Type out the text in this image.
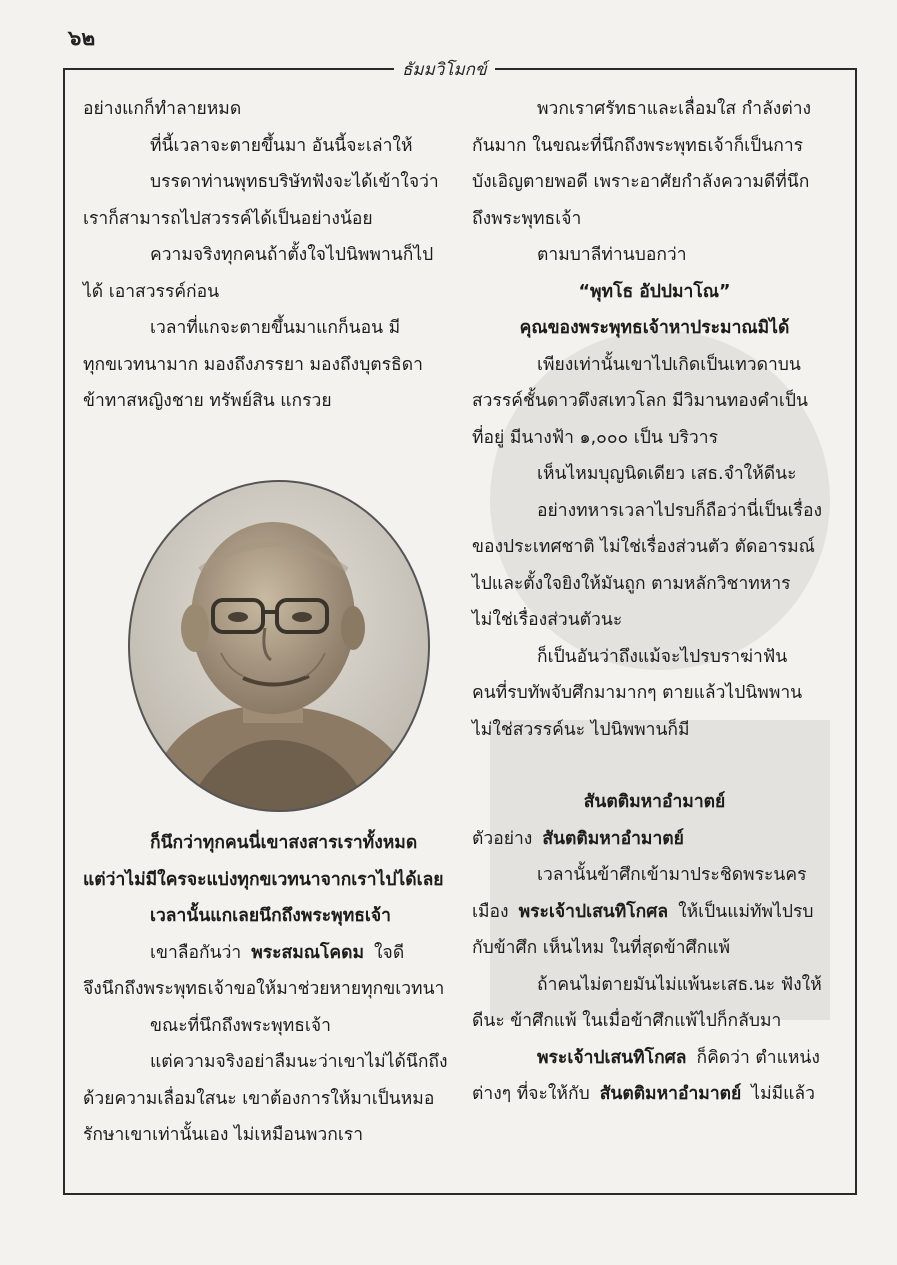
๖๒
ธัมมวิโมกข์

อย่างแกก็ทำลายหมด

ที่นี้เวลาจะตายขึ้นมา อันนี้จะเล่าให้

บรรดาท่านพุทธบริษัทฟังจะได้เข้าใจว่า

เราก็สามารถไปสวรรค์ได้เป็นอย่างน้อย

ความจริงทุกคนถ้าตั้งใจไปนิพพานก็ไป

ได้ เอาสวรรค์ก่อน

เวลาที่แกจะตายขึ้นมาแกก็นอน มี

ทุกขเวทนามาก มองถึงภรรยา มองถึงบุตรธิดา

ข้าทาสหญิงชาย ทรัพย์สิน แกรวย

ก็นึกว่าทุกคนนี่เขาสงสารเราทั้งหมด

แต่ว่าไม่มีใครจะแบ่งทุกขเวทนาจากเราไปได้เลย

เวลานั้นแกเลยนึกถึงพระพุทธเจ้า

เขาลือกันว่า พระสมณโคดม ใจดี

จึงนึกถึงพระพุทธเจ้าขอให้มาช่วยหายทุกขเวทนา

ขณะที่นึกถึงพระพุทธเจ้า

แต่ความจริงอย่าลืมนะว่าเขาไม่ได้นึกถึง

ด้วยความเลื่อมใสนะ เขาต้องการให้มาเป็นหมอ

รักษาเขาเท่านั้นเอง ไม่เหมือนพวกเรา

พวกเราศรัทธาและเลื่อมใส กำลังต่าง

กันมาก ในขณะที่นึกถึงพระพุทธเจ้าก็เป็นการ

บังเอิญตายพอดี เพราะอาศัยกำลังความดีที่นึก

ถึงพระพุทธเจ้า

ตามบาลีท่านบอกว่า

“พุทโธ อัปปมาโณ”

คุณของพระพุทธเจ้าหาประมาณมิได้

เพียงเท่านั้นเขาไปเกิดเป็นเทวดาบน

สวรรค์ชั้นดาวดึงสเทวโลก มีวิมานทองคำเป็น

ที่อยู่ มีนางฟ้า ๑,๐๐๐ เป็น บริวาร

เห็นไหมบุญนิดเดียว เสธ.จำให้ดีนะ

อย่างทหารเวลาไปรบก็ถือว่านี่เป็นเรื่อง

ของประเทศชาติ ไม่ใช่เรื่องส่วนตัว ตัดอารมณ์

ไปและตั้งใจยิงให้มันถูก ตามหลักวิชาทหาร

ไม่ใช่เรื่องส่วนตัวนะ

ก็เป็นอันว่าถึงแม้จะไปรบราฆ่าฟัน

คนที่รบทัพจับศึกมามากๆ ตายแล้วไปนิพพาน

ไม่ใช่สวรรค์นะ ไปนิพพานก็มี

สันตติมหาอำมาตย์

ตัวอย่าง สันตติมหาอำมาตย์

เวลานั้นข้าศึกเข้ามาประชิดพระนคร

เมือง พระเจ้าปเสนทิโกศล ให้เป็นแม่ทัพไปรบ

กับข้าศึก เห็นไหม ในที่สุดข้าศึกแพ้

ถ้าคนไม่ตายมันไม่แพ้นะเสธ.นะ ฟังให้

ดีนะ ข้าศึกแพ้ ในเมื่อข้าศึกแพ้ไปก็กลับมา

พระเจ้าปเสนทิโกศล ก็คิดว่า ตำแหน่ง

ต่างๆ ที่จะให้กับ สันตติมหาอำมาตย์ ไม่มีแล้ว
